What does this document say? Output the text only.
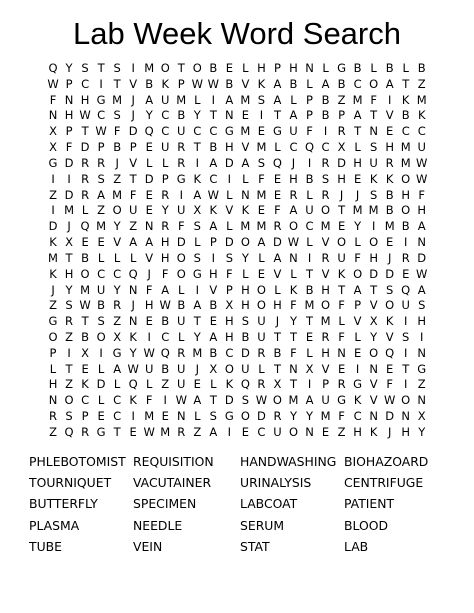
Lab Week Word Search
Q Y S T S I M O T O B E L H P H N L G B L B L B
W P C I T V B K P W W B V K A B L A B C O A T Z
F N H G M J A U M L I A M S A L P B Z M F I K M
N H W C S J Y C B Y T N E I T A P B P A T V B K
X P T W F D Q C U C C G M E G U F I R T N E C C
X F D P B P E U R T B H V M L C Q C X L S H M U
G D R R J V L L R I A D A S Q J	I R D H U R M W
I	I R S Z T D P G K C I L F E H B S H E K K O W
Z D R A M F E R I A W L N M E R L R J	J S B H F
I M L Z O U E Y U X K V K E F A U O T M M B O H
D J Q M Y Z N R F S A L M M R O C M E Y I M B A
K X E E V A A H D L P D O A D W L V O L O E I N
M T B L L L V H O S I S Y L A N I R U F H J R D
K H O C C Q J F O G H F L E V L T V K O D D E W
J Y M U Y N F A L I V P H O L K B H T A T S Q A
Z S W B R J H W B A B X H O H F M O F P V O U S
G R T S Z N E B U T E H S U J Y T M L V X K I H
O Z B O X K I C L Y A H B U T T E R F L Y V S I
P I X I G Y W Q R M B C D R B F L H N E O Q I N
L T E L A W U B U J X O U L T N X V E I N E T G
H Z K D L Q L Z U E L K Q R X T I P R G V F I Z
N O C L C K F I W A T D S W O M A U G K V W O N
R S P E C I M E N L S G O D R Y Y M F C N D N X
Z Q R G T E W M R Z A I E C U O N E Z H K J H Y
PHLEBOTOMIST REQUISITION	HANDWASHING BIOHAZOARD
TOURNIQUET	VACUTAINER	URINALYSIS	CENTRIFUGE
BUTTERFLY	SPECIMEN	LABCOAT	PATIENT
PLASMA	NEEDLE	SERUM	BLOOD
TUBE	VEIN	STAT	LAB
